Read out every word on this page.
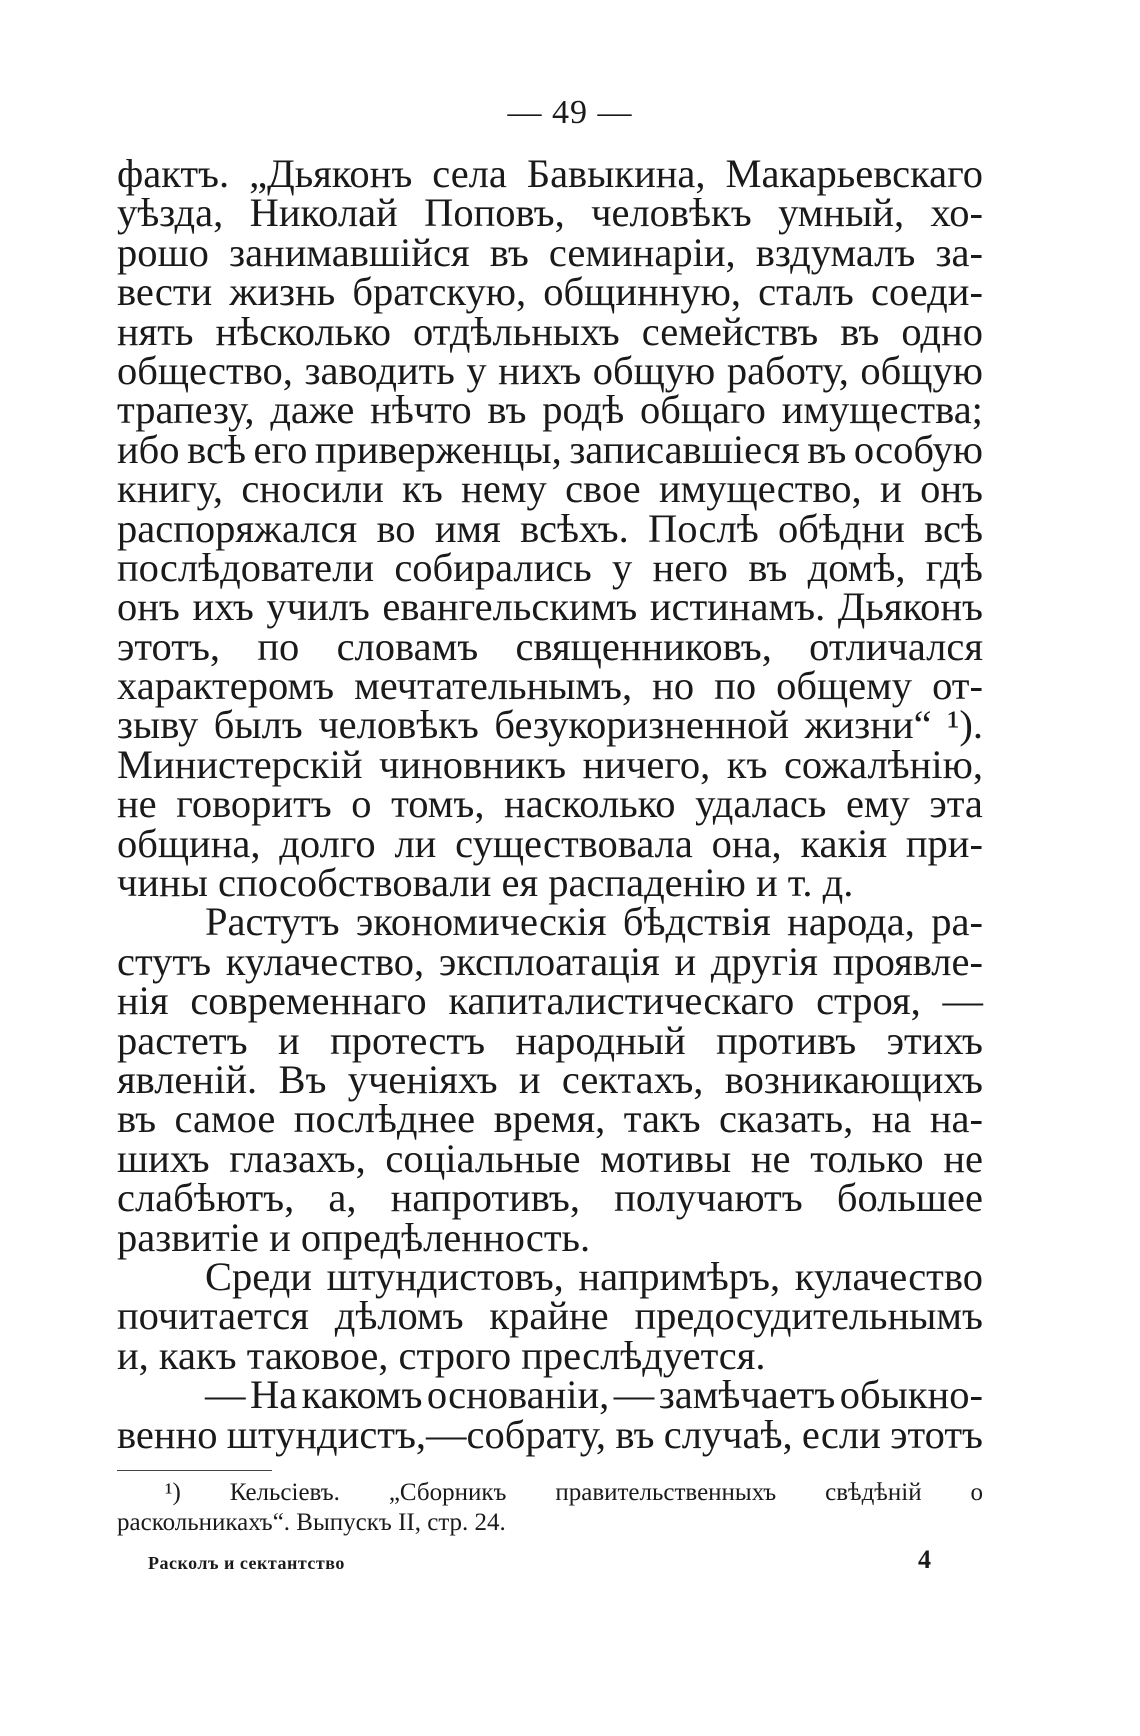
— 49 —
фактъ. „Дьяконъ села Бавыкина, Макарьевскаго
уѣзда, Николай Поповъ, человѣкъ умный, хо-
рошо занимавшійся въ семинаріи, вздумалъ за-
вести жизнь братскую, общинную, сталъ соеди-
нять нѣсколько отдѣльныхъ семействъ въ одно
общество, заводить у нихъ общую работу, общую
трапезу, даже нѣчто въ родѣ общаго имущества;
ибо всѣ его приверженцы, записавшіеся въ особую
книгу, сносили къ нему свое имущество, и онъ
распоряжался во имя всѣхъ. Послѣ обѣдни всѣ
послѣдователи собирались у него въ домѣ, гдѣ
онъ ихъ училъ евангельскимъ истинамъ. Дьяконъ
этотъ, по словамъ священниковъ, отличался
характеромъ мечтательнымъ, но по общему от-
зыву былъ человѣкъ безукоризненной жизни“ ¹).
Министерскій чиновникъ ничего, къ сожалѣнію,
не говоритъ о томъ, насколько удалась ему эта
община, долго ли существовала она, какія при-
чины способствовали ея распаденію и т. д.
Растутъ экономическія бѣдствія народа, ра-
стутъ кулачество, эксплоатація и другія проявле-
нія современнаго капиталистическаго строя, —
растетъ и протестъ народный противъ этихъ
явленій. Въ ученіяхъ и сектахъ, возникающихъ
въ самое послѣднее время, такъ сказать, на на-
шихъ глазахъ, соціальные мотивы не только не
слабѣютъ, а, напротивъ, получаютъ большее
развитіе и опредѣленность.
Среди штундистовъ, напримѣръ, кулачество
почитается дѣломъ крайне предосудительнымъ
и, какъ таковое, строго преслѣдуется.
— На какомъ основаніи, — замѣчаетъ обыкно-
венно штундистъ,—собрату, въ случаѣ, если этотъ
¹) Кельсіевъ. „Сборникъ правительственныхъ свѣдѣній о
раскольникахъ“. Выпускъ II, стр. 24.
Расколъ и сектантство	4
